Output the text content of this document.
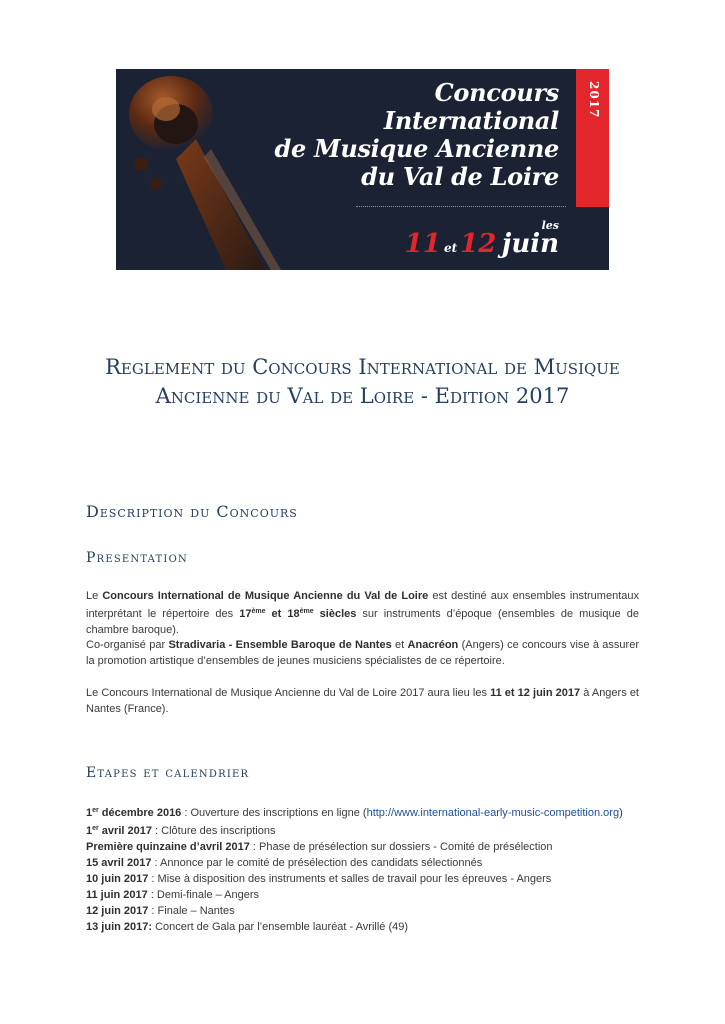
2017
Concours
International
de Musique Ancienne
du Val de Loire
les
11 et 12 juin
Reglement du Concours International de Musique
Ancienne du Val de Loire - Edition 2017
Description du Concours
Presentation

Le Concours International de Musique Ancienne du Val de Loire est destiné aux ensembles instrumentaux interprétant le répertoire des 17ème et 18ème siècles sur instruments d’époque (ensembles de musique de chambre baroque).

Co-organisé par Stradivaria - Ensemble Baroque de Nantes et Anacréon (Angers) ce concours vise à assurer la promotion artistique d’ensembles de jeunes musiciens spécialistes de ce répertoire.

Le Concours International de Musique Ancienne du Val de Loire 2017 aura lieu les 11 et 12 juin 2017 à Angers et Nantes (France).

Etapes et calendrier
1er décembre 2016 : Ouverture des inscriptions en ligne (http://www.international-early-music-competition.org)
1er avril 2017 : Clôture des inscriptions
Première quinzaine d’avril 2017 : Phase de présélection sur dossiers - Comité de présélection
15 avril 2017 : Annonce par le comité de présélection des candidats sélectionnés
10 juin 2017 : Mise à disposition des instruments et salles de travail pour les épreuves - Angers
11 juin 2017 : Demi-finale – Angers
12 juin 2017 : Finale – Nantes
13 juin 2017: Concert de Gala par l’ensemble lauréat - Avrillé (49)
